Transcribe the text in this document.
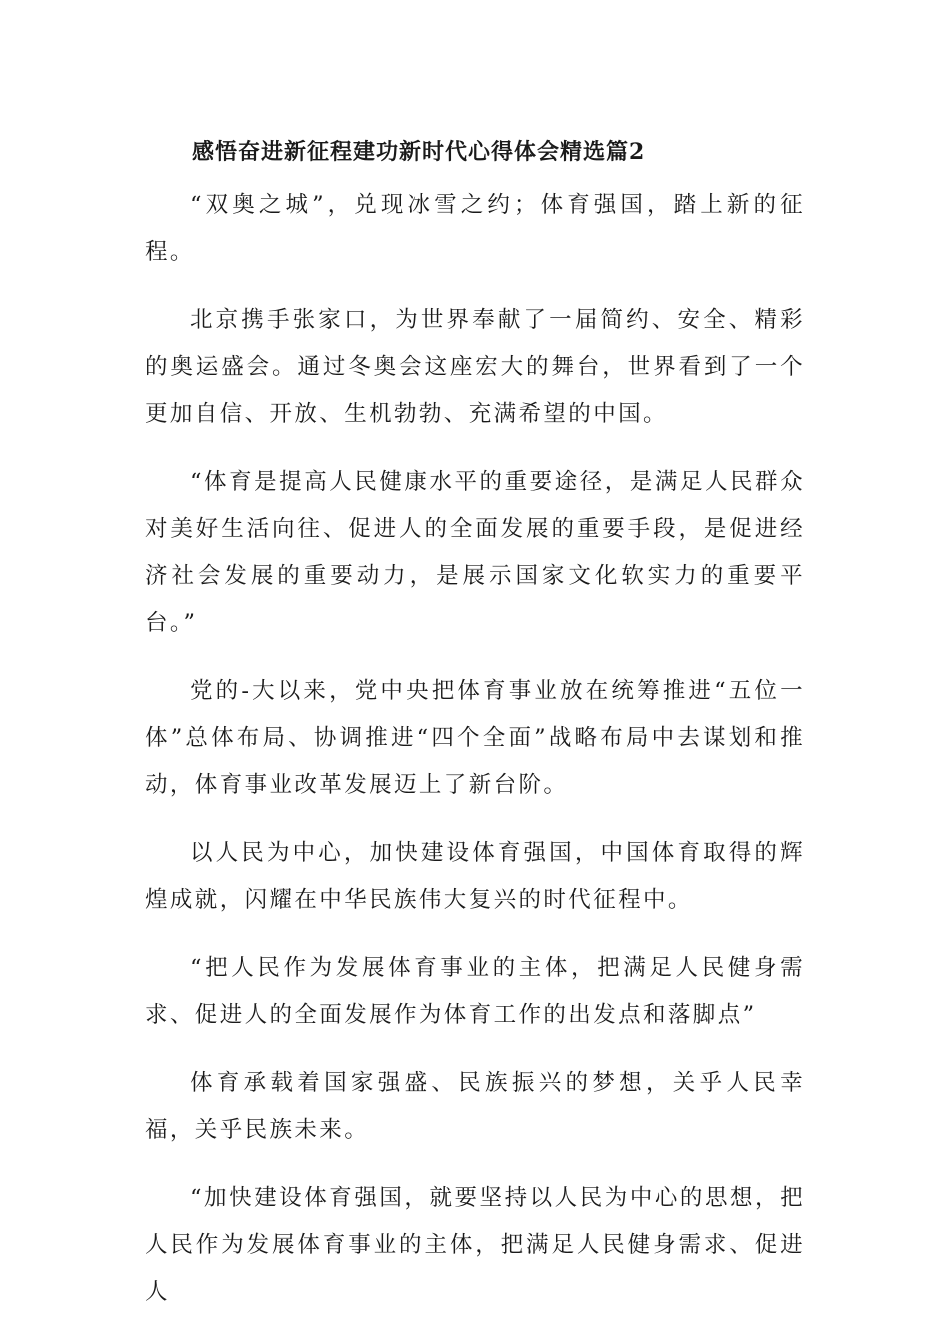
感悟奋进新征程建功新时代心得体会精选篇2

“双奥之城”，兑现冰雪之约；体育强国，踏上新的征程。

北京携手张家口，为世界奉献了一届简约、安全、精彩的奥运盛会。通过冬奥会这座宏大的舞台，世界看到了一个更加自信、开放、生机勃勃、充满希望的中国。

“体育是提高人民健康水平的重要途径，是满足人民群众对美好生活向往、促进人的全面发展的重要手段，是促进经济社会发展的重要动力，是展示国家文化软实力的重要平台。”

党的-大以来，党中央把体育事业放在统筹推进“五位一体”总体布局、协调推进“四个全面”战略布局中去谋划和推动，体育事业改革发展迈上了新台阶。

以人民为中心，加快建设体育强国，中国体育取得的辉煌成就，闪耀在中华民族伟大复兴的时代征程中。

“把人民作为发展体育事业的主体，把满足人民健身需求、促进人的全面发展作为体育工作的出发点和落脚点”

体育承载着国家强盛、民族振兴的梦想，关乎人民幸福，关乎民族未来。

“加快建设体育强国，就要坚持以人民为中心的思想，把人民作为发展体育事业的主体，把满足人民健身需求、促进人
